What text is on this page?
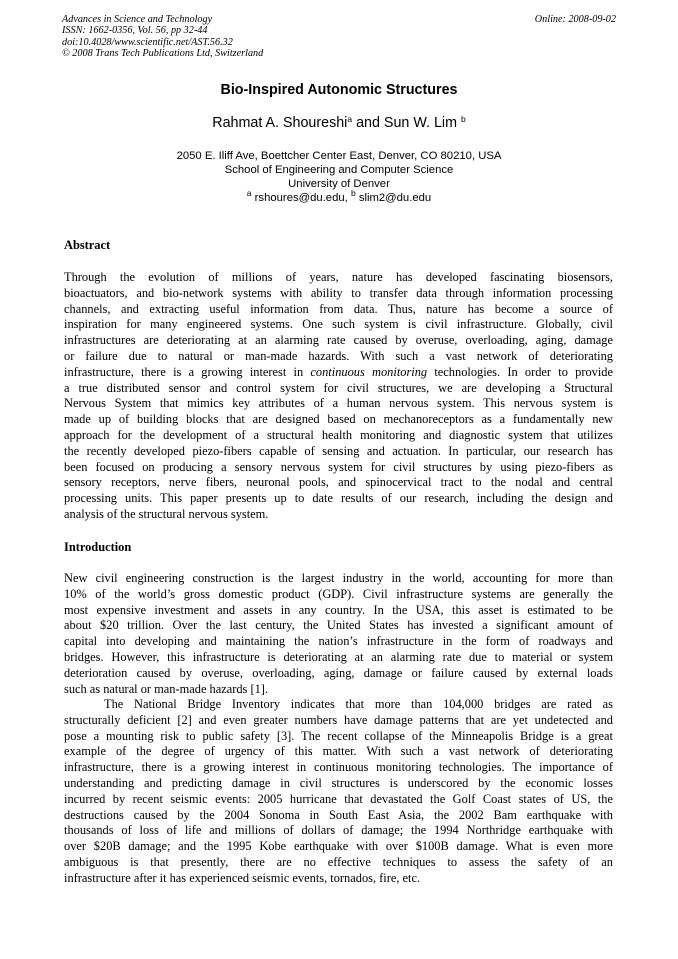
Advances in Science and Technology
ISSN: 1662-0356, Vol. 56, pp 32-44
doi:10.4028/www.scientific.net/AST.56.32
© 2008 Trans Tech Publications Ltd, Switzerland
Online: 2008-09-02
Bio-Inspired Autonomic Structures
Rahmat A. Shoureshi$^a$ and Sun W. Lim $^b$
2050 E. Iliff Ave, Boettcher Center East, Denver, CO 80210, USA
School of Engineering and Computer Science
University of Denver
$^a$ rshoures@du.edu, $^b$ slim2@du.edu
Abstract
Through the evolution of millions of years, nature has developed fascinating biosensors,
bioactuators, and bio-network systems with ability to transfer data through information processing
channels, and extracting useful information from data. Thus, nature has become a source of
inspiration for many engineered systems. One such system is civil infrastructure. Globally, civil
infrastructures are deteriorating at an alarming rate caused by overuse, overloading, aging, damage
or failure due to natural or man-made hazards. With such a vast network of deteriorating
infrastructure, there is a growing interest in continuous monitoring technologies. In order to provide
a true distributed sensor and control system for civil structures, we are developing a Structural
Nervous System that mimics key attributes of a human nervous system. This nervous system is
made up of building blocks that are designed based on mechanoreceptors as a fundamentally new
approach for the development of a structural health monitoring and diagnostic system that utilizes
the recently developed piezo-fibers capable of sensing and actuation. In particular, our research has
been focused on producing a sensory nervous system for civil structures by using piezo-fibers as
sensory receptors, nerve fibers, neuronal pools, and spinocervical tract to the nodal and central
processing units. This paper presents up to date results of our research, including the design and
analysis of the structural nervous system.
Introduction
New civil engineering construction is the largest industry in the world, accounting for more than
10% of the world’s gross domestic product (GDP). Civil infrastructure systems are generally the
most expensive investment and assets in any country. In the USA, this asset is estimated to be
about $20 trillion. Over the last century, the United States has invested a significant amount of
capital into developing and maintaining the nation’s infrastructure in the form of roadways and
bridges. However, this infrastructure is deteriorating at an alarming rate due to material or system
deterioration caused by overuse, overloading, aging, damage or failure caused by external loads
such as natural or man-made hazards [1].
The National Bridge Inventory indicates that more than 104,000 bridges are rated as
structurally deficient [2] and even greater numbers have damage patterns that are yet undetected and
pose a mounting risk to public safety [3]. The recent collapse of the Minneapolis Bridge is a great
example of the degree of urgency of this matter. With such a vast network of deteriorating
infrastructure, there is a growing interest in continuous monitoring technologies. The importance of
understanding and predicting damage in civil structures is underscored by the economic losses
incurred by recent seismic events: 2005 hurricane that devastated the Golf Coast states of US, the
destructions caused by the 2004 Sonoma in South East Asia, the 2002 Bam earthquake with
thousands of loss of life and millions of dollars of damage; the 1994 Northridge earthquake with
over $20B damage; and the 1995 Kobe earthquake with over $100B damage. What is even more
ambiguous is that presently, there are no effective techniques to assess the safety of an
infrastructure after it has experienced seismic events, tornados, fire, etc.
